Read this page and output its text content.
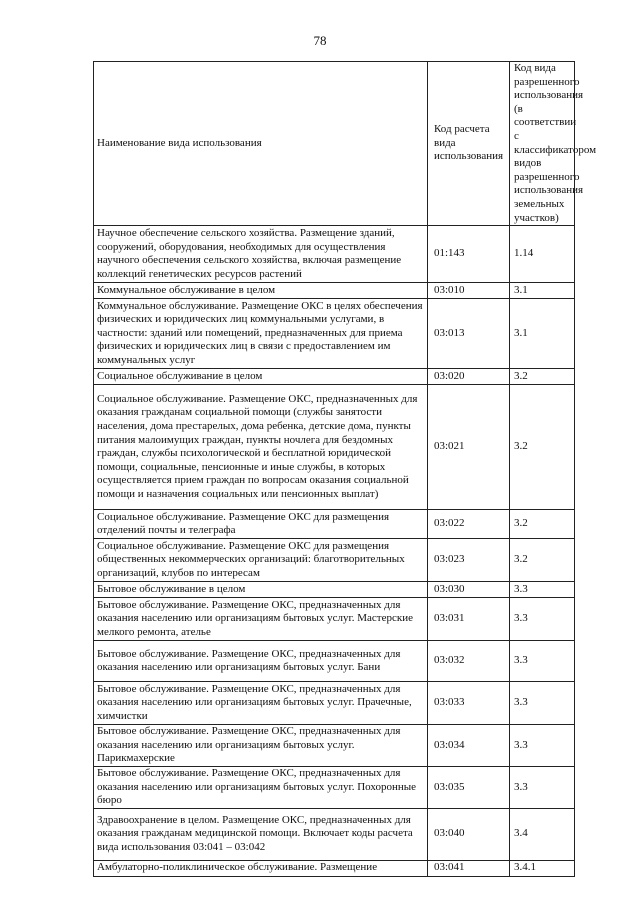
78
Наименование вида использования	Код расчета вида использования	Код вида разрешенного использования (в соответствии с классификатором видов разрешенного использования земельных участков)
Научное обеспечение сельского хозяйства. Размещение зданий, сооружений, оборудования, необходимых для осуществления научного обеспечения сельского хозяйства, включая размещение коллекций генетических ресурсов растений	01:143	1.14
Коммунальное обслуживание в целом	03:010	3.1
Коммунальное обслуживание. Размещение ОКС в целях обеспечения физических и юридических лиц коммунальными услугами, в частности: зданий или помещений, предназначенных для приема физических и юридических лиц в связи с предоставлением им коммунальных услуг	03:013	3.1
Социальное обслуживание в целом	03:020	3.2
Социальное обслуживание. Размещение ОКС, предназначенных для оказания гражданам социальной помощи (службы занятости населения, дома престарелых, дома ребенка, детские дома, пункты питания малоимущих граждан, пункты ночлега для бездомных граждан, службы психологической и бесплатной юридической помощи, социальные, пенсионные и иные службы, в которых осуществляется прием граждан по вопросам оказания социальной помощи и назначения социальных или пенсионных выплат)	03:021	3.2
Социальное обслуживание. Размещение ОКС для размещения отделений почты и телеграфа	03:022	3.2
Социальное обслуживание. Размещение ОКС для размещения общественных некоммерческих организаций: благотворительных организаций, клубов по интересам	03:023	3.2
Бытовое обслуживание в целом	03:030	3.3
Бытовое обслуживание. Размещение ОКС, предназначенных для оказания населению или организациям бытовых услуг. Мастерские мелкого ремонта, ателье	03:031	3.3
Бытовое обслуживание. Размещение ОКС, предназначенных для оказания населению или организациям бытовых услуг. Бани	03:032	3.3
Бытовое обслуживание. Размещение ОКС, предназначенных для оказания населению или организациям бытовых услуг. Прачечные, химчистки	03:033	3.3
Бытовое обслуживание. Размещение ОКС, предназначенных для оказания населению или организациям бытовых услуг. Парикмахерские	03:034	3.3
Бытовое обслуживание. Размещение ОКС, предназначенных для оказания населению или организациям бытовых услуг. Похоронные бюро	03:035	3.3
Здравоохранение в целом. Размещение ОКС, предназначенных для оказания гражданам медицинской помощи. Включает коды расчета вида использования 03:041 – 03:042	03:040	3.4
Амбулаторно-поликлиническое обслуживание. Размещение	03:041	3.4.1
